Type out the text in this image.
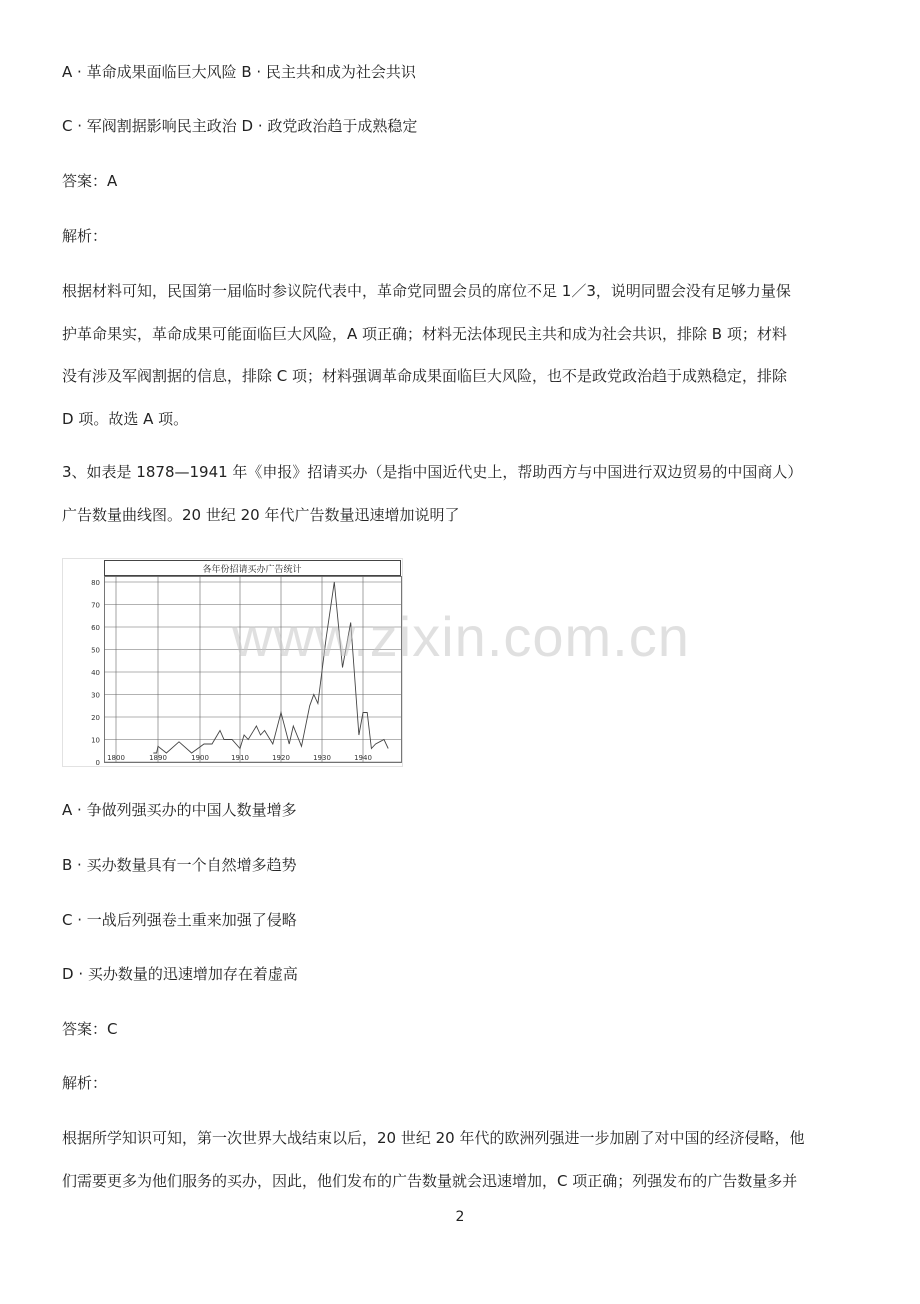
A · 革命成果面临巨大风险 B · 民主共和成为社会共识
C · 军阀割据影响民主政治 D · 政党政治趋于成熟稳定
答案：A
解析：
根据材料可知，民国第一届临时参议院代表中，革命党同盟会员的席位不足 1／3，说明同盟会没有足够力量保
护革命果实，革命成果可能面临巨大风险，A 项正确；材料无法体现民主共和成为社会共识，排除 B 项；材料
没有涉及军阀割据的信息，排除 C 项；材料强调革命成果面临巨大风险，也不是政党政治趋于成熟稳定，排除
D 项。故选 A 项。
3、如表是 1878—1941 年《申报》招请买办（是指中国近代史上，帮助西方与中国进行双边贸易的中国商人）
广告数量曲线图。20 世纪 20 年代广告数量迅速增加说明了
各年份招请买办广告统计
0
10
20
30
40
50
60
70
80
1800	1890	1900	1910	1920	1930	1940
www.zixin.com.cn
A · 争做列强买办的中国人数量增多
B · 买办数量具有一个自然增多趋势
C · 一战后列强卷土重来加强了侵略
D · 买办数量的迅速增加存在着虚高
答案：C
解析：
根据所学知识可知，第一次世界大战结束以后，20 世纪 20 年代的欧洲列强进一步加剧了对中国的经济侵略，他
们需要更多为他们服务的买办，因此，他们发布的广告数量就会迅速增加，C 项正确；列强发布的广告数量多并
2
